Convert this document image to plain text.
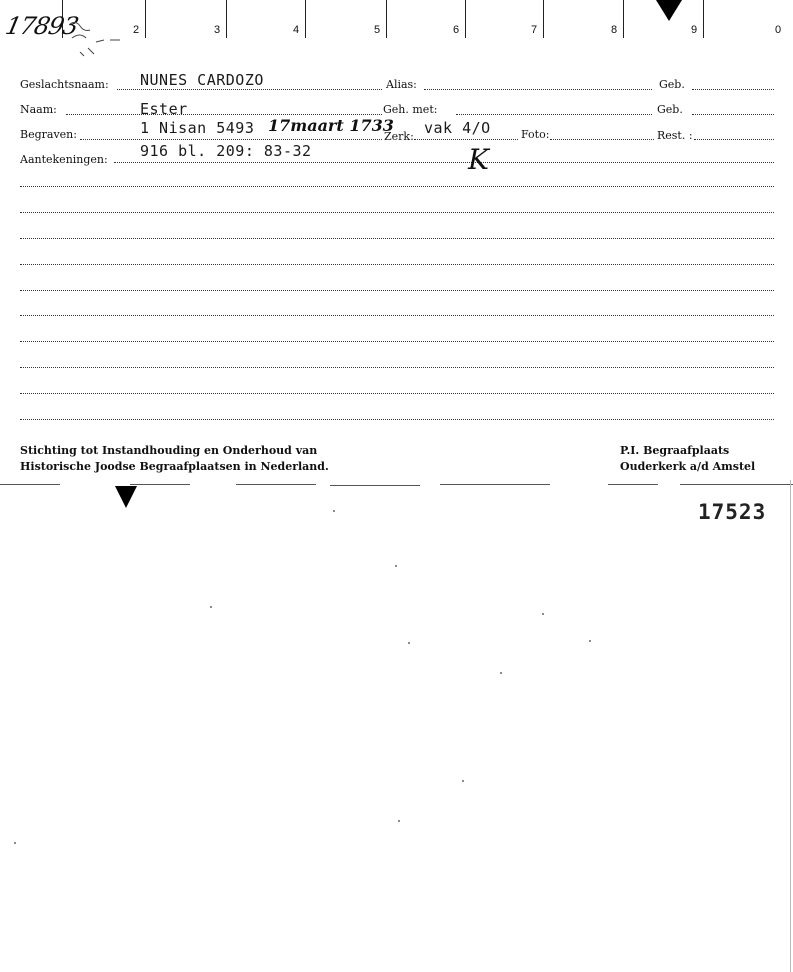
2	3	4	5	6	7	8	9	0
17893
Geslachtsnaam: NUNES CARDOZO	Alias:	Geb.
Naam:	Ester	Geh. met:	Geb.
Begraven:	1 Nisan 5493 17maart 1733
Zerk: vak 4/O	Foto:	Rest. :
Aantekeningen: 916 bl. 209: 83-32	K
Stichting tot Instandhouding en Onderhoud van
Historische Joodse Begraafplaatsen in Nederland.
P.I. Begraafplaats
Ouderkerk a/d Amstel
17523
